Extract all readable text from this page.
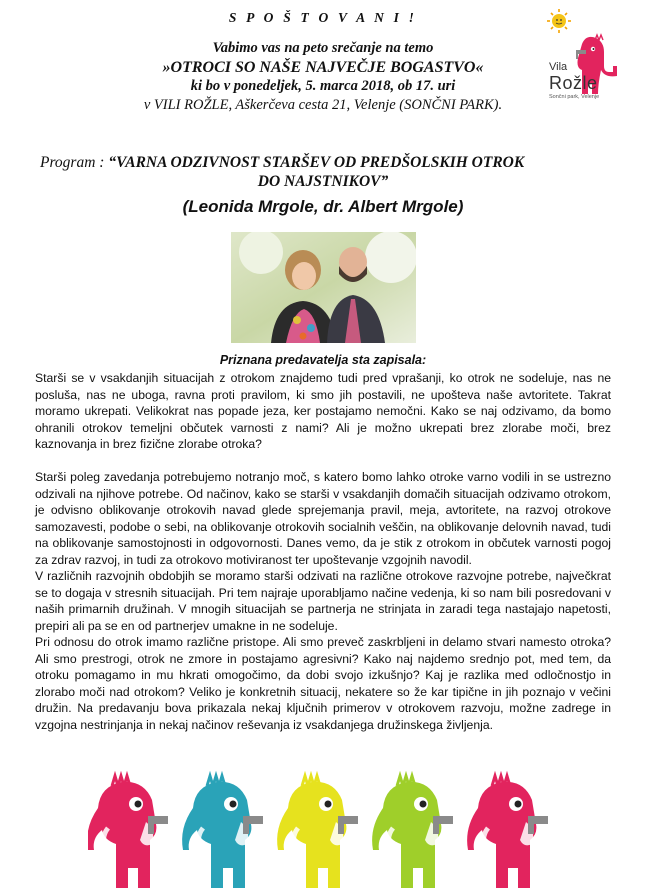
S P O Š T O V A N I !
Vabimo vas na peto srečanje na temo
»OTROCI SO NAŠE NAJVEČJE BOGASTVO«
ki bo v ponedeljek, 5. marca 2018, ob 17. uri
v VILI ROŽLE, Aškerčeva cesta 21, Velenje (SONČNI PARK).
Vila
Rožle
Sončni park, Velenje
Program : “VARNA ODZIVNOST STARŠEV OD PREDŠOLSKIH OTROK
DO NAJSTNIKOV”
(Leonida Mrgole, dr. Albert Mrgole)
Priznana predavatelja sta zapisala:

Starši se v vsakdanjih situacijah z otrokom znajdemo tudi pred vprašanji, ko otrok ne sodeluje, nas ne posluša, nas ne uboga, ravna proti pravilom, ki smo jih postavili, ne upošteva naše avtoritete. Takrat moramo ukrepati. Velikokrat nas popade jeza, ker postajamo nemočni. Kako se naj odzivamo, da bomo ohranili otrokov temeljni občutek varnosti z nami? Ali je možno ukrepati brez zlorabe moči, brez kaznovanja in brez fizične zlorabe otroka?

Starši poleg zavedanja potrebujemo notranjo moč, s katero bomo lahko otroke varno vodili in se ustrezno odzivali na njihove potrebe. Od načinov, kako se starši v vsakdanjih domačih situacijah odzivamo otrokom, je odvisno oblikovanje otrokovih navad glede sprejemanja pravil, meja, avtoritete, na razvoj otrokove samozavesti, podobe o sebi, na oblikovanje otrokovih socialnih veščin, na oblikovanje delovnih navad, tudi na oblikovanje samostojnosti in odgovornosti. Danes vemo, da je stik z otrokom in občutek varnosti pogoj za zdrav razvoj, in tudi za otrokovo motiviranost ter upoštevanje vzgojnih navodil.

V različnih razvojnih obdobjih se moramo starši odzivati na različne otrokove razvojne potrebe, največkrat se to dogaja v stresnih situacijah. Pri tem najraje uporabljamo načine vedenja, ki so nam bili posredovani v naših primarnih družinah. V mnogih situacijah se partnerja ne strinjata in zaradi tega nastajajo napetosti, prepiri ali pa se en od partnerjev umakne in ne sodeluje.

Pri odnosu do otrok imamo različne pristope. Ali smo preveč zaskrbljeni in delamo stvari namesto otroka? Ali smo prestrogi, otrok ne zmore in postajamo agresivni? Kako naj najdemo srednjo pot, med tem, da otroku pomagamo in mu hkrati omogočimo, da dobi svojo izkušnjo? Kaj je razlika med odločnostjo in zlorabo moči nad otrokom? Veliko je konkretnih situacij, nekatere so že kar tipične in jih poznajo v večini družin. Na predavanju bova prikazala nekaj ključnih primerov v otrokovem razvoju, možne zadrege in vzgojna nestrinjanja in nekaj načinov reševanja iz vsakdanjega družinskega življenja.
